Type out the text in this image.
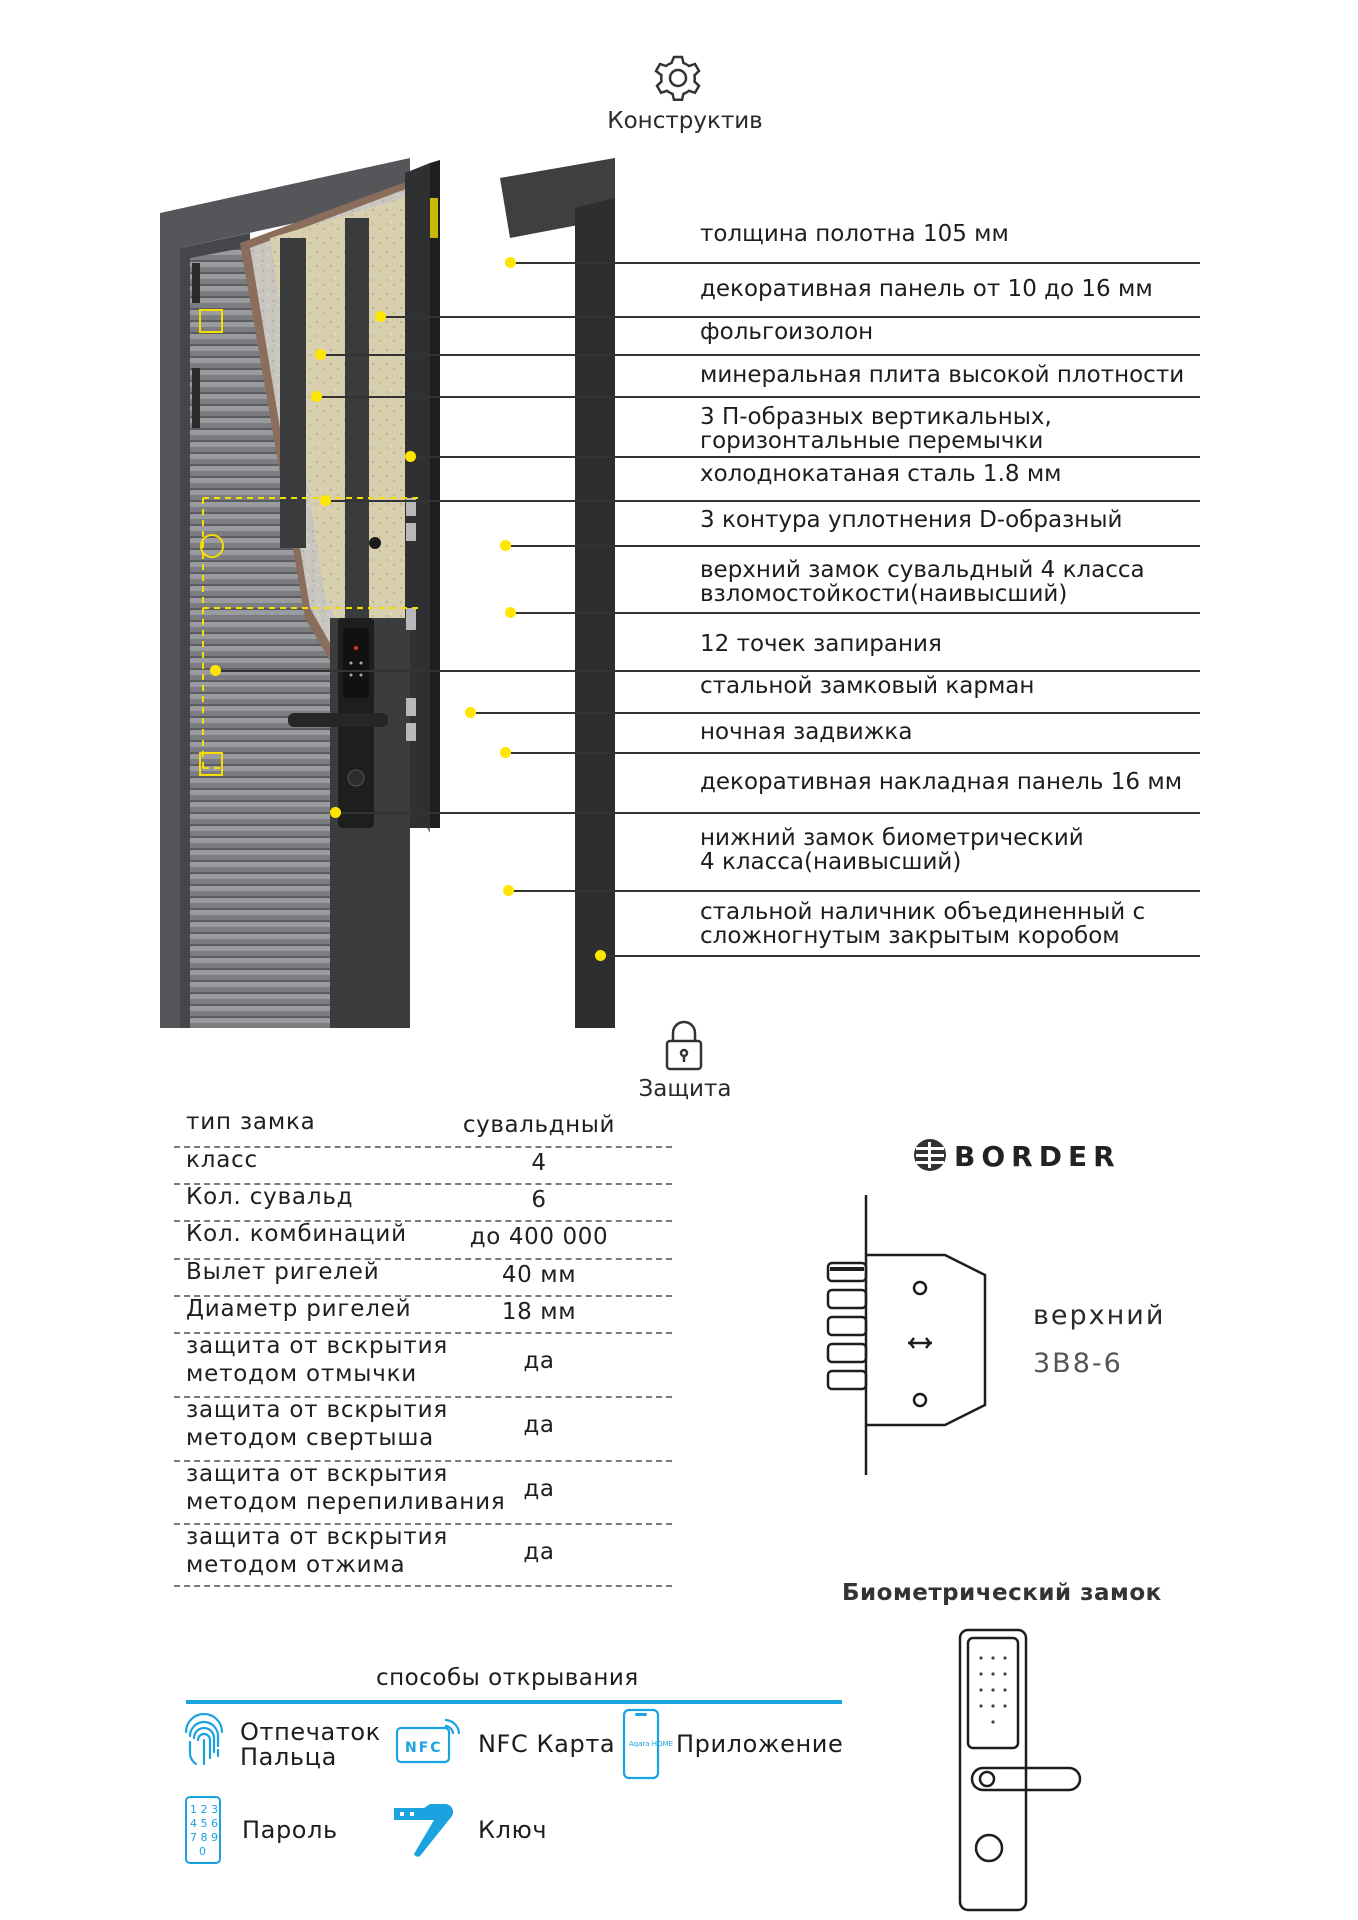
Конструктив
толщина полотна 105 мм
декоративная панель от 10 до 16 мм
фольгоизолон
минеральная плита высокой плотности
3 П-образных вертикальных,
горизонтальные перемычки
холоднокатаная сталь 1.8 мм
3 контура уплотнения D-образный
верхний замок сувальдный 4 класса
взломостойкости(наивысший)
12 точек запирания
стальной замковый карман
ночная задвижка
декоративная накладная панель 16 мм
нижний замок биометрический
4 класса(наивысший)
стальной наличник объединенный с
сложногнутым закрытым коробом
Защита
тип замка	сувальдный
класс	4
Кол. сувальд	6
Кол. комбинаций	до 400 000
Вылет ригелей	40 мм
Диаметр ригелей	18 мм
защита от вскрытия
методом отмычки	да
защита от вскрытия
методом свертыша	да
защита от вскрытия
методом перепиливания да
защита от вскрытия
методом отжима	да
BORDER
верхний
3B8-6
Биометрический замок
способы открывания
Отпечаток
Пальца	NFC NFC Карта Aqara HOME Приложение
1 2 3
4 5 6
7 8 9
0
Пароль	Ключ
